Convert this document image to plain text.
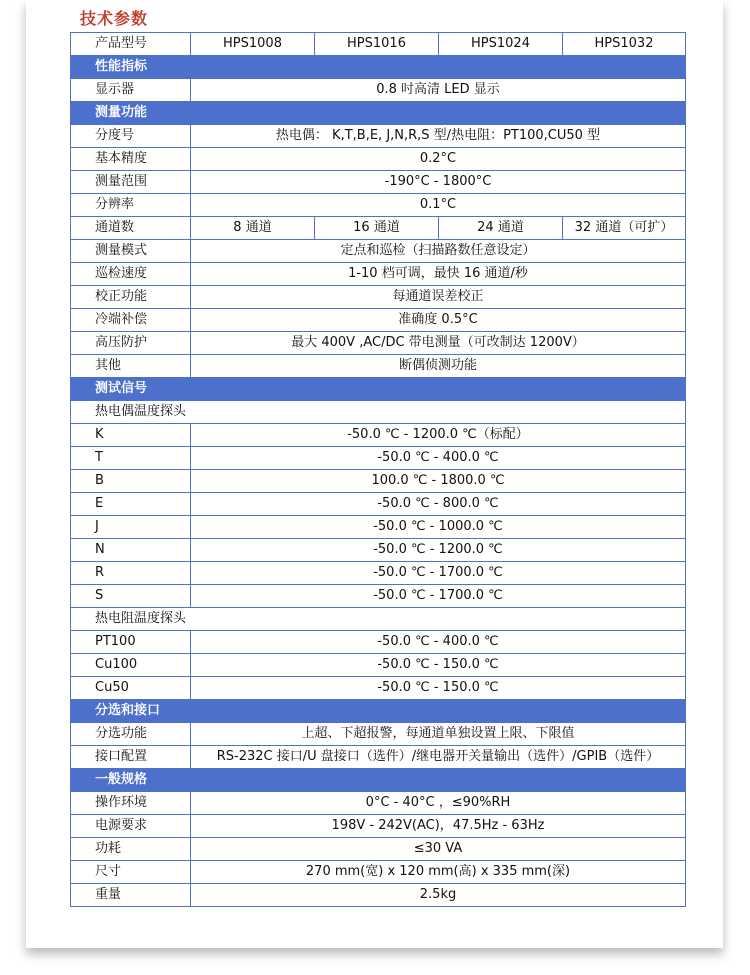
技术参数
产品型号	HPS1008	HPS1016	HPS1024	HPS1032
性能指标				
显示器	0.8 吋高清 LED 显示			
测量功能				
分度号	热电偶： K,T,B,E, J,N,R,S 型/热电阻：PT100,CU50 型			
基本精度	0.2°C			
测量范围	-190°C - 1800°C			
分辨率	0.1°C			
通道数	8 通道	16 通道	24 通道	32 通道（可扩）
测量模式	定点和巡检（扫描路数任意设定）			
巡检速度	1-10 档可调，最快 16 通道/秒			
校正功能	每通道误差校正			
冷端补偿	准确度 0.5°C			
高压防护	最大 400V ,AC/DC 带电测量（可改制达 1200V）			
其他	断偶侦测功能			
测试信号				
热电偶温度探头				
K	-50.0 ℃ - 1200.0 ℃（标配）			
T	-50.0 ℃ - 400.0 ℃			
B	100.0 ℃ - 1800.0 ℃			
E	-50.0 ℃ - 800.0 ℃			
J	-50.0 ℃ - 1000.0 ℃			
N	-50.0 ℃ - 1200.0 ℃			
R	-50.0 ℃ - 1700.0 ℃			
S	-50.0 ℃ - 1700.0 ℃			
热电阻温度探头				
PT100	-50.0 ℃ - 400.0 ℃			
Cu100	-50.0 ℃ - 150.0 ℃			
Cu50	-50.0 ℃ - 150.0 ℃			
分选和接口				
分选功能	上超、下超报警，每通道单独设置上限、下限值			
接口配置	RS-232C 接口/U 盘接口（选件）/继电器开关量输出（选件）/GPIB（选件）			
一般规格				
操作环境	0°C - 40°C ，≤90%RH			
电源要求	198V - 242V(AC)，47.5Hz - 63Hz			
功耗	≤30 VA			
尺寸	270 mm(宽) x 120 mm(高) x 335 mm(深)			
重量	2.5kg			
